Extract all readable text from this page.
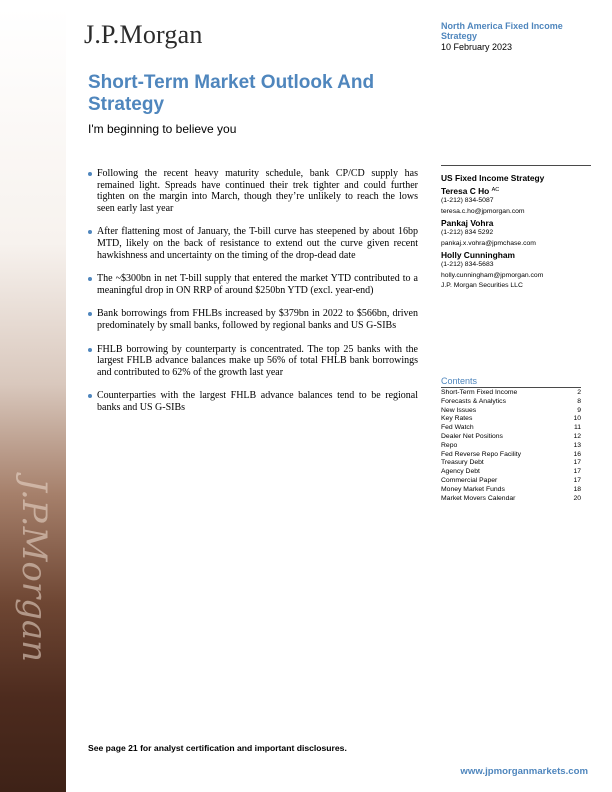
J.P.Morgan
J.P.Morgan	North America Fixed Income Strategy
10 February 2023
Short-Term Market Outlook And Strategy
I'm beginning to believe you
Following the recent heavy maturity schedule, bank CP/CD supply has remained light. Spreads have continued their trek tighter and could further tighten on the margin into March, though they’re unlikely to reach the lows seen early last year
After flattening most of January, the T-bill curve has steepened by about 16bp MTD, likely on the back of resistance to extend out the curve given recent hawkishness and uncertainty on the timing of the drop-dead date
The ~$300bn in net T-bill supply that entered the market YTD contributed to a meaningful drop in ON RRP of around $250bn YTD (excl. year-end)
Bank borrowings from FHLBs increased by $379bn in 2022 to $566bn, driven predominately by small banks, followed by regional banks and US G-SIBs
FHLB borrowing by counterparty is concentrated. The top 25 banks with the largest FHLB advance balances make up 56% of total FHLB bank borrowings and contributed to 62% of the growth last year
Counterparties with the largest FHLB advance balances tend to be regional banks and US G-SIBs
US Fixed Income Strategy
Teresa C Ho $^{AC}$
(1-212) 834-5087
teresa.c.ho@jpmorgan.com
Pankaj Vohra
(1-212) 834 5292
pankaj.x.vohra@jpmchase.com
Holly Cunningham
(1-212) 834-5683
holly.cunningham@jpmorgan.com
J.P. Morgan Securities LLC
Contents
Short-Term Fixed Income	2
Forecasts & Analytics	8
New Issues	9
Key Rates	10
Fed Watch	11
Dealer Net Positions	12
Repo	13
Fed Reverse Repo Facility	16
Treasury Debt	17
Agency Debt	17
Commercial Paper	17
Money Market Funds	18
Market Movers Calendar	20
See page 21 for analyst certification and important disclosures.
www.jpmorganmarkets.com
